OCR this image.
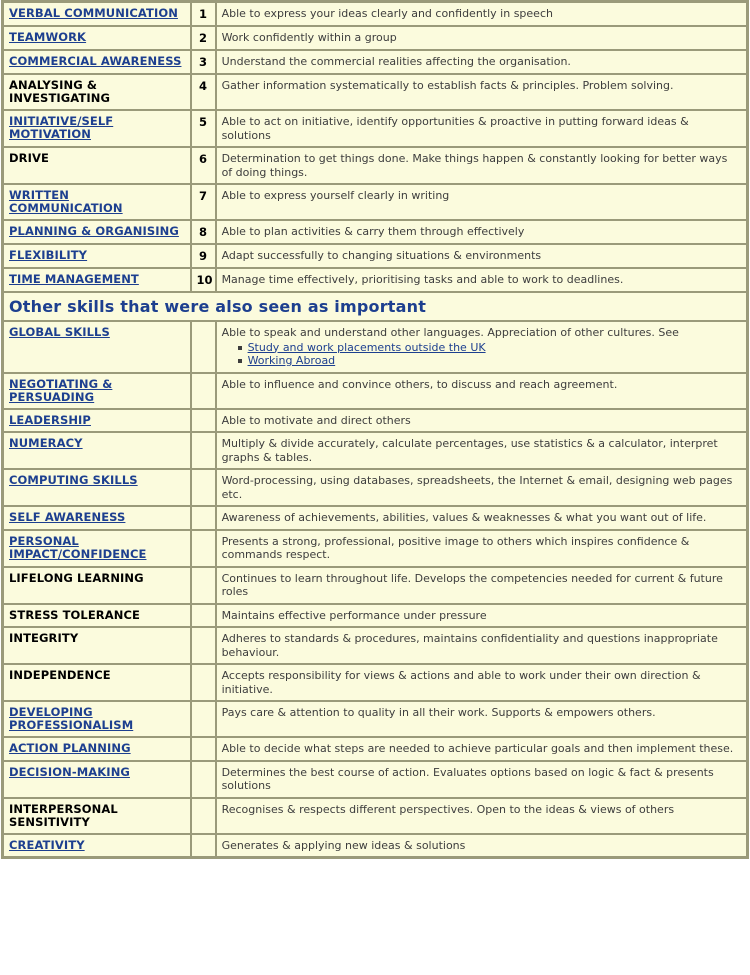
VERBAL COMMUNICATION	1	Able to express your ideas clearly and confidently in speech
TEAMWORK	2	Work confidently within a group
COMMERCIAL AWARENESS	3	Understand the commercial realities affecting the organisation.
ANALYSING & INVESTIGATING	4	Gather information systematically to establish facts & principles. Problem solving.
INITIATIVE/SELF MOTIVATION	5	Able to act on initiative, identify opportunities & proactive in putting forward ideas & solutions
DRIVE	6	Determination to get things done. Make things happen & constantly looking for better ways of doing things.
WRITTEN COMMUNICATION	7	Able to express yourself clearly in writing
PLANNING & ORGANISING	8	Able to plan activities & carry them through effectively
FLEXIBILITY	9	Adapt successfully to changing situations & environments
TIME MANAGEMENT	10	Manage time effectively, prioritising tasks and able to work to deadlines.
Other skills that were also seen as important		
GLOBAL SKILLS		Able to speak and understand other languages. Appreciation of other cultures. See
Study and work placements outside the UK
Working Abroad

NEGOTIATING & PERSUADING		Able to influence and convince others, to discuss and reach agreement.
LEADERSHIP		Able to motivate and direct others
NUMERACY		Multiply & divide accurately, calculate percentages, use statistics & a calculator, interpret graphs & tables.
COMPUTING SKILLS		Word-processing, using databases, spreadsheets, the Internet & email, designing web pages etc.
SELF AWARENESS		Awareness of achievements, abilities, values & weaknesses & what you want out of life.
PERSONAL IMPACT/CONFIDENCE		Presents a strong, professional, positive image to others which inspires confidence & commands respect.
LIFELONG LEARNING		Continues to learn throughout life. Develops the competencies needed for current & future roles
STRESS TOLERANCE		Maintains effective performance under pressure
INTEGRITY		Adheres to standards & procedures, maintains confidentiality and questions inappropriate behaviour.
INDEPENDENCE		Accepts responsibility for views & actions and able to work under their own direction & initiative.
DEVELOPING PROFESSIONALISM		Pays care & attention to quality in all their work. Supports & empowers others.
ACTION PLANNING		Able to decide what steps are needed to achieve particular goals and then implement these.
DECISION-MAKING		Determines the best course of action. Evaluates options based on logic & fact & presents solutions
INTERPERSONAL SENSITIVITY		Recognises & respects different perspectives. Open to the ideas & views of others
CREATIVITY		Generates & applying new ideas & solutions
